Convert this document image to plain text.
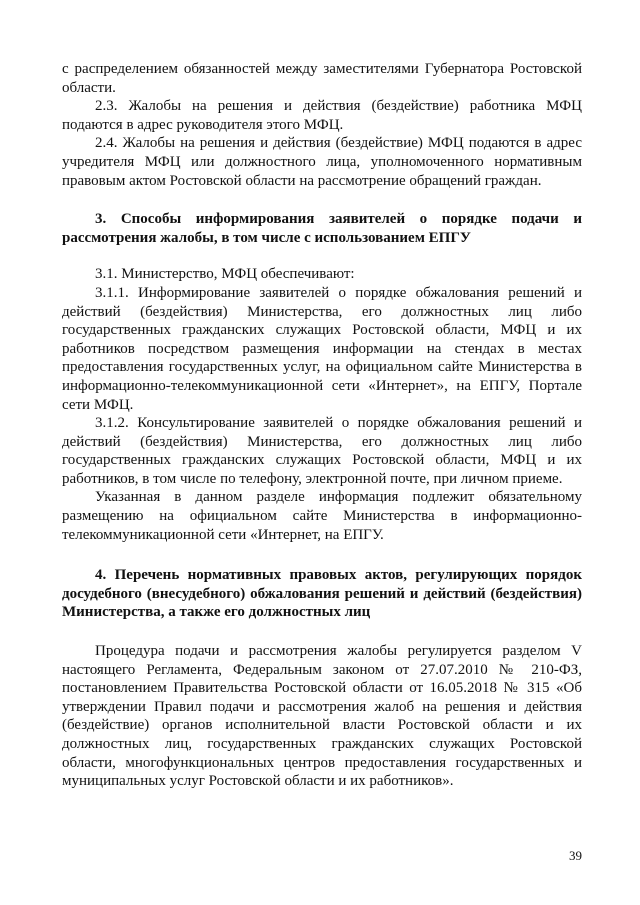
с распределением обязанностей между заместителями Губернатора Ростовской области.

2.3. Жалобы на решения и действия (бездействие) работника МФЦ подаются в адрес руководителя этого МФЦ.

2.4. Жалобы на решения и действия (бездействие) МФЦ подаются в адрес учредителя МФЦ или должностного лица, уполномоченного нормативным правовым актом Ростовской области на рассмотрение обращений граждан.

3. Способы информирования заявителей о порядке подачи и рассмотрения жалобы, в том числе с использованием ЕПГУ

3.1. Министерство, МФЦ обеспечивают:

3.1.1. Информирование заявителей о порядке обжалования решений и действий (бездействия) Министерства, его должностных лиц либо государственных гражданских служащих Ростовской области, МФЦ и их работников посредством размещения информации на стендах в местах предоставления государственных услуг, на официальном сайте Министерства в информационно-телекоммуникационной сети «Интернет», на ЕПГУ, Портале сети МФЦ.

3.1.2. Консультирование заявителей о порядке обжалования решений и действий (бездействия) Министерства, его должностных лиц либо государственных гражданских служащих Ростовской области, МФЦ и их работников, в том числе по телефону, электронной почте, при личном приеме.

Указанная в данном разделе информация подлежит обязательному размещению на официальном сайте Министерства в информационно-телекоммуникационной сети «Интернет, на ЕПГУ.

4. Перечень нормативных правовых актов, регулирующих порядок досудебного (внесудебного) обжалования решений и действий (бездействия) Министерства, а также его должностных лиц

Процедура подачи и рассмотрения жалобы регулируется разделом V настоящего Регламента, Федеральным законом от 27.07.2010 № 210-ФЗ, постановлением Правительства Ростовской области от 16.05.2018 № 315 «Об утверждении Правил подачи и рассмотрения жалоб на решения и действия (бездействие) органов исполнительной власти Ростовской области и их должностных лиц, государственных гражданских служащих Ростовской области, многофункциональных центров предоставления государственных и муниципальных услуг Ростовской области и их работников».

39
